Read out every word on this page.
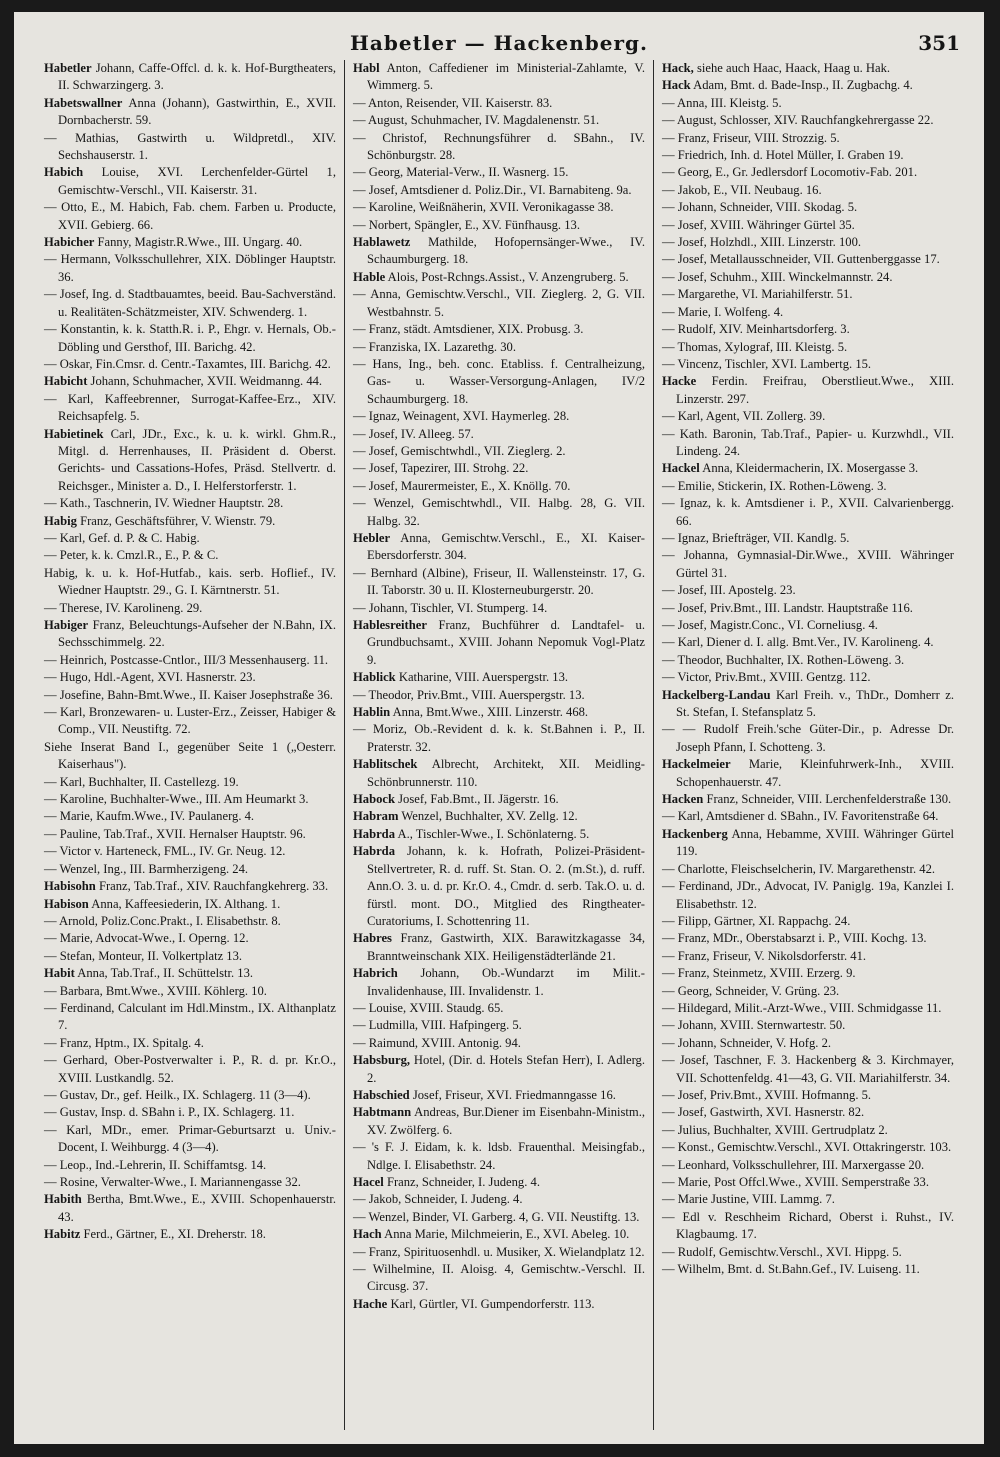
Habetler — Hackenberg.	351

Habetler Johann, Caffe-Offcl. d. k. k. Hof-Burgtheaters, II. Schwarzingerg. 3.

Habetswallner Anna (Johann), Gastwirthin, E., XVII. Dornbacherstr. 59.

— Mathias, Gastwirth u. Wildpretdl., XIV. Sechshauserstr. 1.

Habich Louise, XVI. Lerchenfelder-Gürtel 1, Gemischtw-Verschl., VII. Kaiserstr. 31.

— Otto, E., M. Habich, Fab. chem. Farben u. Producte, XVII. Gebierg. 66.

Habicher Fanny, Magistr.R.Wwe., III. Ungarg. 40.

— Hermann, Volksschullehrer, XIX. Döblinger Hauptstr. 36.

— Josef, Ing. d. Stadtbauamtes, beeid. Bau-Sachverständ. u. Realitäten-Schätzmeister, XIV. Schwenderg. 1.

— Konstantin, k. k. Statth.R. i. P., Ehgr. v. Hernals, Ob.-Döbling und Gersthof, III. Barichg. 42.

— Oskar, Fin.Cmsr. d. Centr.-Taxamtes, III. Barichg. 42.

Habicht Johann, Schuhmacher, XVII. Weidmanng. 44.

— Karl, Kaffeebrenner, Surrogat-Kaffee-Erz., XIV. Reichsapfelg. 5.

Habietinek Carl, JDr., Exc., k. u. k. wirkl. Ghm.R., Mitgl. d. Herrenhauses, II. Präsident d. Oberst. Gerichts- und Cassations-Hofes, Präsd. Stellvertr. d. Reichsger., Minister a. D., I. Helferstorferstr. 1.

— Kath., Taschnerin, IV. Wiedner Hauptstr. 28.

Habig Franz, Geschäftsführer, V. Wienstr. 79.

— Karl, Gef. d. P. & C. Habig.

— Peter, k. k. Cmzl.R., E., P. & C.

Habig, k. u. k. Hof-Hutfab., kais. serb. Hoflief., IV. Wiedner Hauptstr. 29., G. I. Kärntnerstr. 51.

— Therese, IV. Karolineng. 29.

Habiger Franz, Beleuchtungs-Aufseher der N.Bahn, IX. Sechsschimmelg. 22.

— Heinrich, Postcasse-Cntlor., III/3 Messenhauserg. 11.

— Hugo, Hdl.-Agent, XVI. Hasnerstr. 23.

— Josefine, Bahn-Bmt.Wwe., II. Kaiser Josephstraße 36.

— Karl, Bronzewaren- u. Luster-Erz., Zeisser, Habiger & Comp., VII. Neustiftg. 72.

Siehe Inserat Band I., gegenüber Seite 1 („Oesterr. Kaiserhaus").

— Karl, Buchhalter, II. Castellezg. 19.

— Karoline, Buchhalter-Wwe., III. Am Heumarkt 3.

— Marie, Kaufm.Wwe., IV. Paulanerg. 4.

— Pauline, Tab.Traf., XVII. Hernalser Hauptstr. 96.

— Victor v. Harteneck, FML., IV. Gr. Neug. 12.

— Wenzel, Ing., III. Barmherzigeng. 24.

Habisohn Franz, Tab.Traf., XIV. Rauchfangkehrerg. 33.

Habison Anna, Kaffeesiederin, IX. Althang. 1.

— Arnold, Poliz.Conc.Prakt., I. Elisabethstr. 8.

— Marie, Advocat-Wwe., I. Operng. 12.

— Stefan, Monteur, II. Volkertplatz 13.

Habit Anna, Tab.Traf., II. Schüttelstr. 13.

— Barbara, Bmt.Wwe., XVIII. Köhlerg. 10.

— Ferdinand, Calculant im Hdl.Minstm., IX. Althanplatz 7.

— Franz, Hptm., IX. Spitalg. 4.

— Gerhard, Ober-Postverwalter i. P., R. d. pr. Kr.O., XVIII. Lustkandlg. 52.

— Gustav, Dr., gef. Heilk., IX. Schlagerg. 11 (3—4).

— Gustav, Insp. d. SBahn i. P., IX. Schlagerg. 11.

— Karl, MDr., emer. Primar-Geburtsarzt u. Univ.-Docent, I. Weihburgg. 4 (3—4).

— Leop., Ind.-Lehrerin, II. Schiffamtsg. 14.

— Rosine, Verwalter-Wwe., I. Mariannengasse 32.

Habith Bertha, Bmt.Wwe., E., XVIII. Schopenhauerstr. 43.

Habitz Ferd., Gärtner, E., XI. Dreherstr. 18.

Habl Anton, Caffediener im Ministerial-Zahlamte, V. Wimmerg. 5.

— Anton, Reisender, VII. Kaiserstr. 83.

— August, Schuhmacher, IV. Magdalenenstr. 51.

— Christof, Rechnungsführer d. SBahn., IV. Schönburgstr. 28.

— Georg, Material-Verw., II. Wasnerg. 15.

— Josef, Amtsdiener d. Poliz.Dir., VI. Barnabiteng. 9a.

— Karoline, Weißnäherin, XVII. Veronikagasse 38.

— Norbert, Spängler, E., XV. Fünfhausg. 13.

Hablawetz Mathilde, Hofopernsänger-Wwe., IV. Schaumburgerg. 18.

Hable Alois, Post-Rchngs.Assist., V. Anzengruberg. 5.

— Anna, Gemischtw.Verschl., VII. Zieglerg. 2, G. VII. Westbahnstr. 5.

— Franz, städt. Amtsdiener, XIX. Probusg. 3.

— Franziska, IX. Lazarethg. 30.

— Hans, Ing., beh. conc. Etabliss. f. Centralheizung, Gas- u. Wasser-Versorgung-Anlagen, IV/2 Schaumburgerg. 18.

— Ignaz, Weinagent, XVI. Haymerleg. 28.

— Josef, IV. Alleeg. 57.

— Josef, Gemischtwhdl., VII. Zieglerg. 2.

— Josef, Tapezirer, III. Strohg. 22.

— Josef, Maurermeister, E., X. Knöllg. 70.

— Wenzel, Gemischtwhdl., VII. Halbg. 28, G. VII. Halbg. 32.

Hebler Anna, Gemischtw.Verschl., E., XI. Kaiser-Ebersdorferstr. 304.

— Bernhard (Albine), Friseur, II. Wallensteinstr. 17, G. II. Taborstr. 30 u. II. Klosterneuburgerstr. 20.

— Johann, Tischler, VI. Stumperg. 14.

Hablesreither Franz, Buchführer d. Landtafel- u. Grundbuchsamt., XVIII. Johann Nepomuk Vogl-Platz 9.

Hablick Katharine, VIII. Auerspergstr. 13.

— Theodor, Priv.Bmt., VIII. Auerspergstr. 13.

Hablin Anna, Bmt.Wwe., XIII. Linzerstr. 468.

— Moriz, Ob.-Revident d. k. k. St.Bahnen i. P., II. Praterstr. 32.

Hablitschek Albrecht, Architekt, XII. Meidling-Schönbrunnerstr. 110.

Habock Josef, Fab.Bmt., II. Jägerstr. 16.

Habram Wenzel, Buchhalter, XV. Zellg. 12.

Habrda A., Tischler-Wwe., I. Schönlaterng. 5.

Habrda Johann, k. k. Hofrath, Polizei-Präsident-Stellvertreter, R. d. ruff. St. Stan. O. 2. (m.St.), d. ruff. Ann.O. 3. u. d. pr. Kr.O. 4., Cmdr. d. serb. Tak.O. u. d. fürstl. mont. DO., Mitglied des Ringtheater-Curatoriums, I. Schottenring 11.

Habres Franz, Gastwirth, XIX. Barawitzkagasse 34, Branntweinschank XIX. Heiligenstädterlände 21.

Habrich Johann, Ob.-Wundarzt im Milit.-Invalidenhause, III. Invalidenstr. 1.

— Louise, XVIII. Staudg. 65.

— Ludmilla, VIII. Hafpingerg. 5.

— Raimund, XVIII. Antonig. 94.

Habsburg, Hotel, (Dir. d. Hotels Stefan Herr), I. Adlerg. 2.

Habschied Josef, Friseur, XVI. Friedmanngasse 16.

Habtmann Andreas, Bur.Diener im Eisenbahn-Ministm., XV. Zwölferg. 6.

— 's F. J. Eidam, k. k. ldsb. Frauenthal. Meisingfab., Ndlge. I. Elisabethstr. 24.

Hacel Franz, Schneider, I. Judeng. 4.

— Jakob, Schneider, I. Judeng. 4.

— Wenzel, Binder, VI. Garberg. 4, G. VII. Neustiftg. 13.

Hach Anna Marie, Milchmeierin, E., XVI. Abeleg. 10.

— Franz, Spirituosenhdl. u. Musiker, X. Wielandplatz 12.

— Wilhelmine, II. Aloisg. 4, Gemischtw.-Verschl. II. Circusg. 37.

Hache Karl, Gürtler, VI. Gumpendorferstr. 113.

Hack, siehe auch Haac, Haack, Haag u. Hak.

Hack Adam, Bmt. d. Bade-Insp., II. Zugbachg. 4.

— Anna, III. Kleistg. 5.

— August, Schlosser, XIV. Rauchfangkehrergasse 22.

— Franz, Friseur, VIII. Strozzig. 5.

— Friedrich, Inh. d. Hotel Müller, I. Graben 19.

— Georg, E., Gr. Jedlersdorf Locomotiv-Fab. 201.

— Jakob, E., VII. Neubaug. 16.

— Johann, Schneider, VIII. Skodag. 5.

— Josef, XVIII. Währinger Gürtel 35.

— Josef, Holzhdl., XIII. Linzerstr. 100.

— Josef, Metallausschneider, VII. Guttenberggasse 17.

— Josef, Schuhm., XIII. Winckelmannstr. 24.

— Margarethe, VI. Mariahilferstr. 51.

— Marie, I. Wolfeng. 4.

— Rudolf, XIV. Meinhartsdorferg. 3.

— Thomas, Xylograf, III. Kleistg. 5.

— Vincenz, Tischler, XVI. Lambertg. 15.

Hacke Ferdin. Freifrau, Oberstlieut.Wwe., XIII. Linzerstr. 297.

— Karl, Agent, VII. Zollerg. 39.

— Kath. Baronin, Tab.Traf., Papier- u. Kurzwhdl., VII. Lindeng. 24.

Hackel Anna, Kleidermacherin, IX. Mosergasse 3.

— Emilie, Stickerin, IX. Rothen-Löweng. 3.

— Ignaz, k. k. Amtsdiener i. P., XVII. Calvarienbergg. 66.

— Ignaz, Briefträger, VII. Kandlg. 5.

— Johanna, Gymnasial-Dir.Wwe., XVIII. Währinger Gürtel 31.

— Josef, III. Apostelg. 23.

— Josef, Priv.Bmt., III. Landstr. Hauptstraße 116.

— Josef, Magistr.Conc., VI. Corneliusg. 4.

— Karl, Diener d. I. allg. Bmt.Ver., IV. Karolineng. 4.

— Theodor, Buchhalter, IX. Rothen-Löweng. 3.

— Victor, Priv.Bmt., XVIII. Gentzg. 112.

Hackelberg-Landau Karl Freih. v., ThDr., Domherr z. St. Stefan, I. Stefansplatz 5.

— — Rudolf Freih.'sche Güter-Dir., p. Adresse Dr. Joseph Pfann, I. Schotteng. 3.

Hackelmeier Marie, Kleinfuhrwerk-Inh., XVIII. Schopenhauerstr. 47.

Hacken Franz, Schneider, VIII. Lerchenfelderstraße 130.

— Karl, Amtsdiener d. SBahn., IV. Favoritenstraße 64.

Hackenberg Anna, Hebamme, XVIII. Währinger Gürtel 119.

— Charlotte, Fleischselcherin, IV. Margarethenstr. 42.

— Ferdinand, JDr., Advocat, IV. Paniglg. 19a, Kanzlei I. Elisabethstr. 12.

— Filipp, Gärtner, XI. Rappachg. 24.

— Franz, MDr., Oberstabsarzt i. P., VIII. Kochg. 13.

— Franz, Friseur, V. Nikolsdorferstr. 41.

— Franz, Steinmetz, XVIII. Erzerg. 9.

— Georg, Schneider, V. Grüng. 23.

— Hildegard, Milit.-Arzt-Wwe., VIII. Schmidgasse 11.

— Johann, XVIII. Sternwartestr. 50.

— Johann, Schneider, V. Hofg. 2.

— Josef, Taschner, F. 3. Hackenberg & 3. Kirchmayer, VII. Schottenfeldg. 41—43, G. VII. Mariahilferstr. 34.

— Josef, Priv.Bmt., XVIII. Hofmanng. 5.

— Josef, Gastwirth, XVI. Hasnerstr. 82.

— Julius, Buchhalter, XVIII. Gertrudplatz 2.

— Konst., Gemischtw.Verschl., XVI. Ottakringerstr. 103.

— Leonhard, Volksschullehrer, III. Marxergasse 20.

— Marie, Post Offcl.Wwe., XVIII. Semperstraße 33.

— Marie Justine, VIII. Lammg. 7.

— Edl v. Reschheim Richard, Oberst i. Ruhst., IV. Klagbaumg. 17.

— Rudolf, Gemischtw.Verschl., XVI. Hippg. 5.

— Wilhelm, Bmt. d. St.Bahn.Gef., IV. Luiseng. 11.
